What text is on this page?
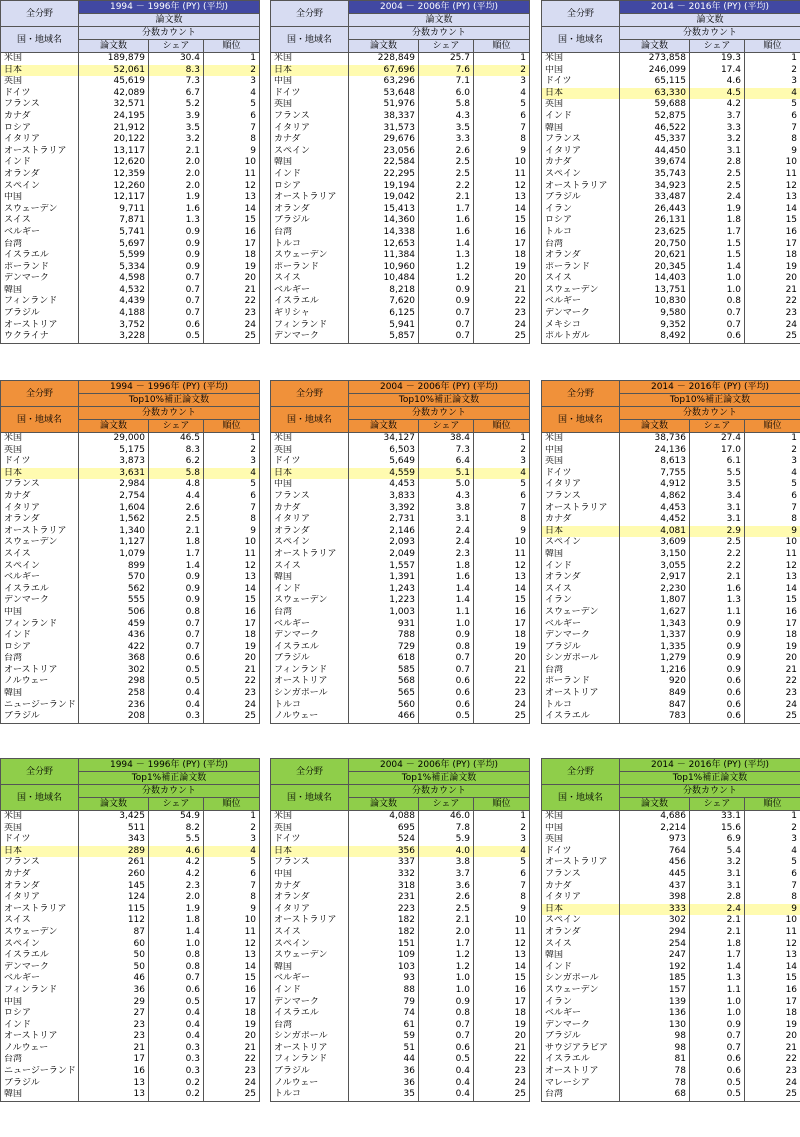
全分野	1994 － 1996年 (PY) (平均)		
	論文数		
国・地域名	分数カウント		
	論文数	シェア	順位
米国	189,879	30.4	1
日本	52,061	8.3	2
英国	45,619	7.3	3
ドイツ	42,089	6.7	4
フランス	32,571	5.2	5
カナダ	24,195	3.9	6
ロシア	21,912	3.5	7
イタリア	20,122	3.2	8
オーストラリア	13,117	2.1	9
インド	12,620	2.0	10
オランダ	12,359	2.0	11
スペイン	12,260	2.0	12
中国	12,117	1.9	13
スウェーデン	9,711	1.6	14
スイス	7,871	1.3	15
ベルギー	5,741	0.9	16
台湾	5,697	0.9	17
イスラエル	5,599	0.9	18
ポーランド	5,334	0.9	19
デンマーク	4,598	0.7	20
韓国	4,532	0.7	21
フィンランド	4,439	0.7	22
ブラジル	4,188	0.7	23
オーストリア	3,752	0.6	24
ウクライナ	3,228	0.5	25
全分野	2004 － 2006年 (PY) (平均)		
	論文数		
国・地域名	分数カウント		
	論文数	シェア	順位
米国	228,849	25.7	1
日本	67,696	7.6	2
中国	63,296	7.1	3
ドイツ	53,648	6.0	4
英国	51,976	5.8	5
フランス	38,337	4.3	6
イタリア	31,573	3.5	7
カナダ	29,676	3.3	8
スペイン	23,056	2.6	9
韓国	22,584	2.5	10
インド	22,295	2.5	11
ロシア	19,194	2.2	12
オーストラリア	19,042	2.1	13
オランダ	15,413	1.7	14
ブラジル	14,360	1.6	15
台湾	14,338	1.6	16
トルコ	12,653	1.4	17
スウェーデン	11,384	1.3	18
ポーランド	10,960	1.2	19
スイス	10,484	1.2	20
ベルギー	8,218	0.9	21
イスラエル	7,620	0.9	22
ギリシャ	6,125	0.7	23
フィンランド	5,941	0.7	24
デンマーク	5,857	0.7	25
全分野	2014 － 2016年 (PY) (平均)		
	論文数		
国・地域名	分数カウント		
	論文数	シェア	順位
米国	273,858	19.3	1
中国	246,099	17.4	2
ドイツ	65,115	4.6	3
日本	63,330	4.5	4
英国	59,688	4.2	5
インド	52,875	3.7	6
韓国	46,522	3.3	7
フランス	45,337	3.2	8
イタリア	44,450	3.1	9
カナダ	39,674	2.8	10
スペイン	35,743	2.5	11
オーストラリア	34,923	2.5	12
ブラジル	33,487	2.4	13
イラン	26,443	1.9	14
ロシア	26,131	1.8	15
トルコ	23,625	1.7	16
台湾	20,750	1.5	17
オランダ	20,621	1.5	18
ポーランド	20,345	1.4	19
スイス	14,403	1.0	20
スウェーデン	13,751	1.0	21
ベルギー	10,830	0.8	22
デンマーク	9,580	0.7	23
メキシコ	9,352	0.7	24
ポルトガル	8,492	0.6	25
全分野	1994 － 1996年 (PY) (平均)		
	Top10%補正論文数		
国・地域名	分数カウント		
	論文数	シェア	順位
米国	29,000	46.5	1
英国	5,175	8.3	2
ドイツ	3,873	6.2	3
日本	3,631	5.8	4
フランス	2,984	4.8	5
カナダ	2,754	4.4	6
イタリア	1,604	2.6	7
オランダ	1,562	2.5	8
オーストラリア	1,340	2.1	9
スウェーデン	1,127	1.8	10
スイス	1,079	1.7	11
スペイン	899	1.4	12
ベルギー	570	0.9	13
イスラエル	562	0.9	14
デンマーク	555	0.9	15
中国	506	0.8	16
フィンランド	459	0.7	17
インド	436	0.7	18
ロシア	422	0.7	19
台湾	368	0.6	20
オーストリア	302	0.5	21
ノルウェー	298	0.5	22
韓国	258	0.4	23
ニュージーランド	236	0.4	24
ブラジル	208	0.3	25
全分野	2004 － 2006年 (PY) (平均)		
	Top10%補正論文数		
国・地域名	分数カウント		
	論文数	シェア	順位
米国	34,127	38.4	1
英国	6,503	7.3	2
ドイツ	5,649	6.4	3
日本	4,559	5.1	4
中国	4,453	5.0	5
フランス	3,833	4.3	6
カナダ	3,392	3.8	7
イタリア	2,731	3.1	8
オランダ	2,146	2.4	9
スペイン	2,093	2.4	10
オーストラリア	2,049	2.3	11
スイス	1,557	1.8	12
韓国	1,391	1.6	13
インド	1,243	1.4	14
スウェーデン	1,223	1.4	15
台湾	1,003	1.1	16
ベルギー	931	1.0	17
デンマーク	788	0.9	18
イスラエル	729	0.8	19
ブラジル	618	0.7	20
フィンランド	585	0.7	21
オーストリア	568	0.6	22
シンガポール	565	0.6	23
トルコ	560	0.6	24
ノルウェー	466	0.5	25
全分野	2014 － 2016年 (PY) (平均)		
	Top10%補正論文数		
国・地域名	分数カウント		
	論文数	シェア	順位
米国	38,736	27.4	1
中国	24,136	17.0	2
英国	8,613	6.1	3
ドイツ	7,755	5.5	4
イタリア	4,912	3.5	5
フランス	4,862	3.4	6
オーストラリア	4,453	3.1	7
カナダ	4,452	3.1	8
日本	4,081	2.9	9
スペイン	3,609	2.5	10
韓国	3,150	2.2	11
インド	3,055	2.2	12
オランダ	2,917	2.1	13
スイス	2,230	1.6	14
イラン	1,807	1.3	15
スウェーデン	1,627	1.1	16
ベルギー	1,343	0.9	17
デンマーク	1,337	0.9	18
ブラジル	1,335	0.9	19
シンガポール	1,279	0.9	20
台湾	1,216	0.9	21
ポーランド	920	0.6	22
オーストリア	849	0.6	23
トルコ	847	0.6	24
イスラエル	783	0.6	25
全分野	1994 － 1996年 (PY) (平均)		
	Top1%補正論文数		
国・地域名	分数カウント		
	論文数	シェア	順位
米国	3,425	54.9	1
英国	511	8.2	2
ドイツ	343	5.5	3
日本	289	4.6	4
フランス	261	4.2	5
カナダ	260	4.2	6
オランダ	145	2.3	7
イタリア	124	2.0	8
オーストラリア	115	1.9	9
スイス	112	1.8	10
スウェーデン	87	1.4	11
スペイン	60	1.0	12
イスラエル	50	0.8	13
デンマーク	50	0.8	14
ベルギー	46	0.7	15
フィンランド	36	0.6	16
中国	29	0.5	17
ロシア	27	0.4	18
インド	23	0.4	19
オーストリア	23	0.4	20
ノルウェー	21	0.3	21
台湾	17	0.3	22
ニュージーランド	16	0.3	23
ブラジル	13	0.2	24
韓国	13	0.2	25
全分野	2004 － 2006年 (PY) (平均)		
	Top1%補正論文数		
国・地域名	分数カウント		
	論文数	シェア	順位
米国	4,088	46.0	1
英国	695	7.8	2
ドイツ	524	5.9	3
日本	356	4.0	4
フランス	337	3.8	5
中国	332	3.7	6
カナダ	318	3.6	7
オランダ	231	2.6	8
イタリア	223	2.5	9
オーストラリア	182	2.1	10
スイス	182	2.0	11
スペイン	151	1.7	12
スウェーデン	109	1.2	13
韓国	103	1.2	14
ベルギー	93	1.0	15
インド	88	1.0	16
デンマーク	79	0.9	17
イスラエル	74	0.8	18
台湾	61	0.7	19
シンガポール	59	0.7	20
オーストリア	51	0.6	21
フィンランド	44	0.5	22
ブラジル	36	0.4	23
ノルウェー	36	0.4	24
トルコ	35	0.4	25
全分野	2014 － 2016年 (PY) (平均)		
	Top1%補正論文数		
国・地域名	分数カウント		
	論文数	シェア	順位
米国	4,686	33.1	1
中国	2,214	15.6	2
英国	973	6.9	3
ドイツ	764	5.4	4
オーストラリア	456	3.2	5
フランス	445	3.1	6
カナダ	437	3.1	7
イタリア	398	2.8	8
日本	333	2.4	9
スペイン	302	2.1	10
オランダ	294	2.1	11
スイス	254	1.8	12
韓国	247	1.7	13
インド	192	1.4	14
シンガポール	185	1.3	15
スウェーデン	157	1.1	16
イラン	139	1.0	17
ベルギー	136	1.0	18
デンマーク	130	0.9	19
ブラジル	98	0.7	20
サウジアラビア	98	0.7	21
イスラエル	81	0.6	22
オーストリア	78	0.6	23
マレーシア	78	0.5	24
台湾	68	0.5	25
